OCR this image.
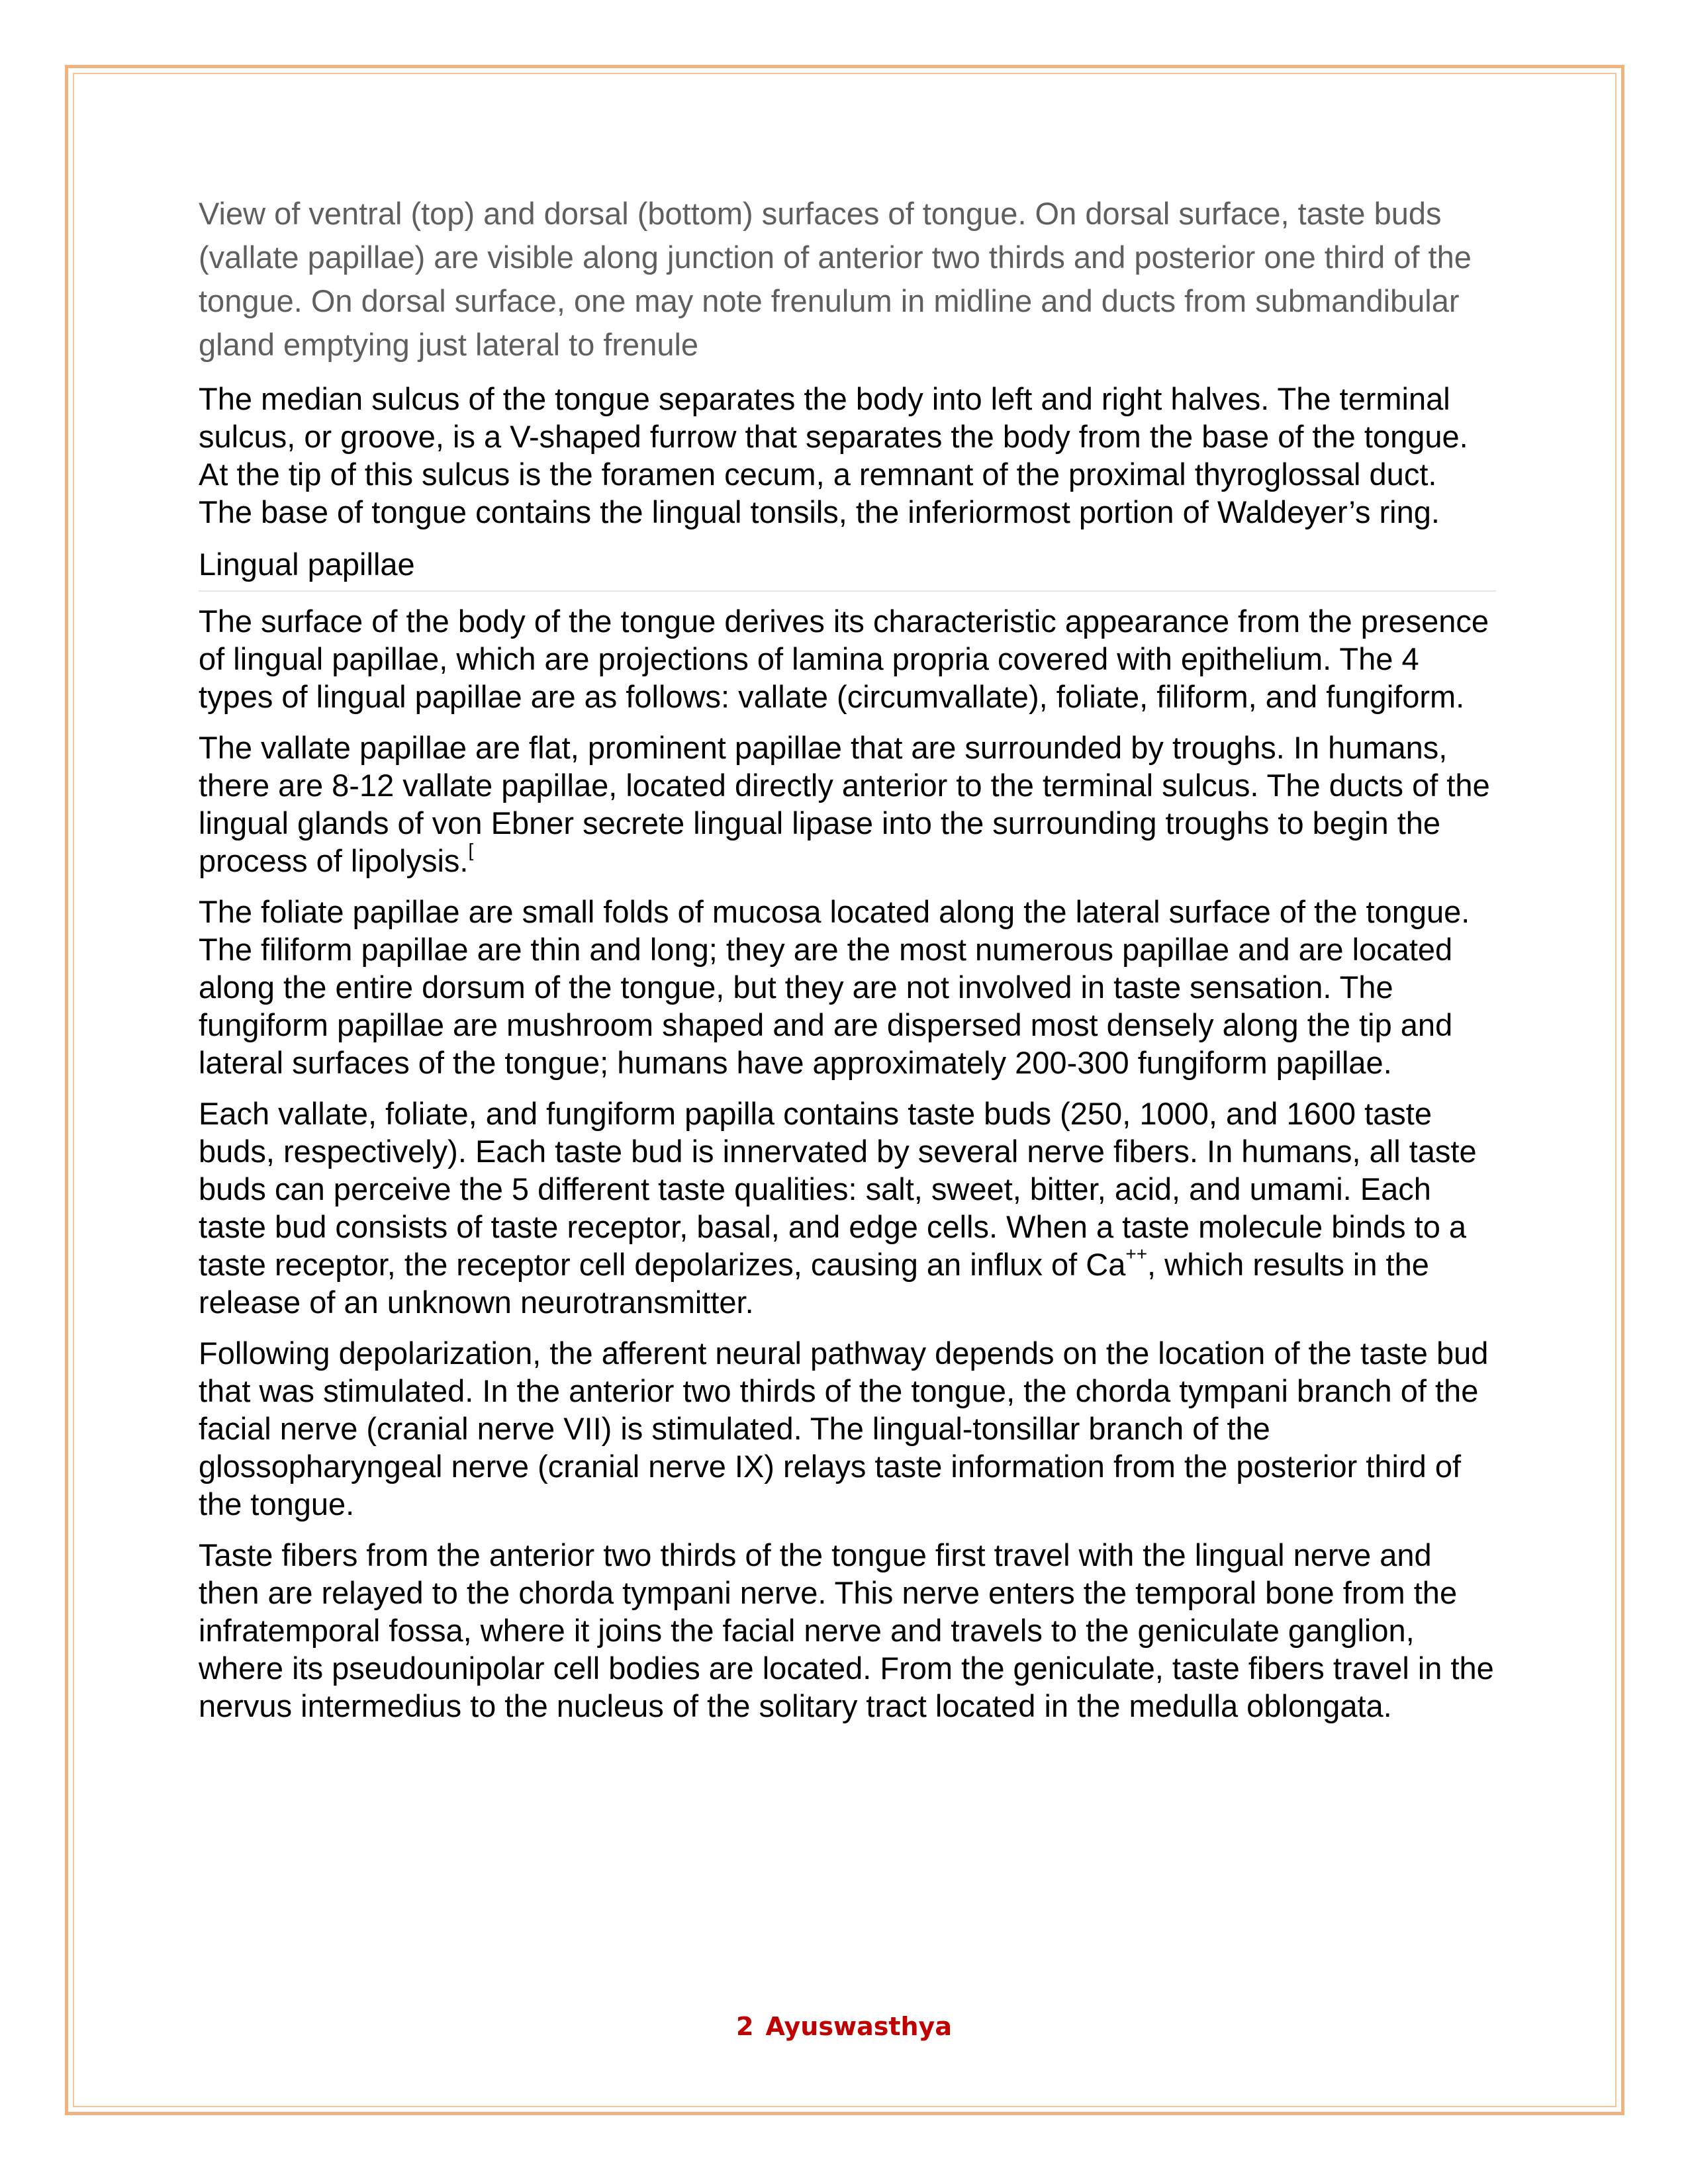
View of ventral (top) and dorsal (bottom) surfaces of tongue. On dorsal surface, taste buds (vallate papillae) are visible along junction of anterior two thirds and posterior one third of the tongue. On dorsal surface, one may note frenulum in midline and ducts from submandibular gland emptying just lateral to frenule

The median sulcus of the tongue separates the body into left and right halves. The terminal sulcus, or groove, is a V-shaped furrow that separates the body from the base of the tongue. At the tip of this sulcus is the foramen cecum, a remnant of the proximal thyroglossal duct. The base of tongue contains the lingual tonsils, the inferiormost portion of Waldeyer’s ring.

Lingual papillae

The surface of the body of the tongue derives its characteristic appearance from the presence of lingual papillae, which are projections of lamina propria covered with epithelium. The 4 types of lingual papillae are as follows: vallate (circumvallate), foliate, filiform, and fungiform.

The vallate papillae are flat, prominent papillae that are surrounded by troughs. In humans, there are 8-12 vallate papillae, located directly anterior to the terminal sulcus. The ducts of the lingual glands of von Ebner secrete lingual lipase into the surrounding troughs to begin the process of lipolysis.[

The foliate papillae are small folds of mucosa located along the lateral surface of the tongue. The filiform papillae are thin and long; they are the most numerous papillae and are located along the entire dorsum of the tongue, but they are not involved in taste sensation. The fungiform papillae are mushroom shaped and are dispersed most densely along the tip and lateral surfaces of the tongue; humans have approximately 200-300 fungiform papillae.

Each vallate, foliate, and fungiform papilla contains taste buds (250, 1000, and 1600 taste buds, respectively). Each taste bud is innervated by several nerve fibers. In humans, all taste buds can perceive the 5 different taste qualities: salt, sweet, bitter, acid, and umami. Each taste bud consists of taste receptor, basal, and edge cells. When a taste molecule binds to a taste receptor, the receptor cell depolarizes, causing an influx of Ca++, which results in the release of an unknown neurotransmitter.

Following depolarization, the afferent neural pathway depends on the location of the taste bud that was stimulated. In the anterior two thirds of the tongue, the chorda tympani branch of the facial nerve (cranial nerve VII) is stimulated. The lingual-tonsillar branch of the glossopharyngeal nerve (cranial nerve IX) relays taste information from the posterior third of the tongue.

Taste fibers from the anterior two thirds of the tongue first travel with the lingual nerve and then are relayed to the chorda tympani nerve. This nerve enters the temporal bone from the infratemporal fossa, where it joins the facial nerve and travels to the geniculate ganglion, where its pseudounipolar cell bodies are located. From the geniculate, taste fibers travel in the nervus intermedius to the nucleus of the solitary tract located in the medulla oblongata.

2 Ayuswasthya
